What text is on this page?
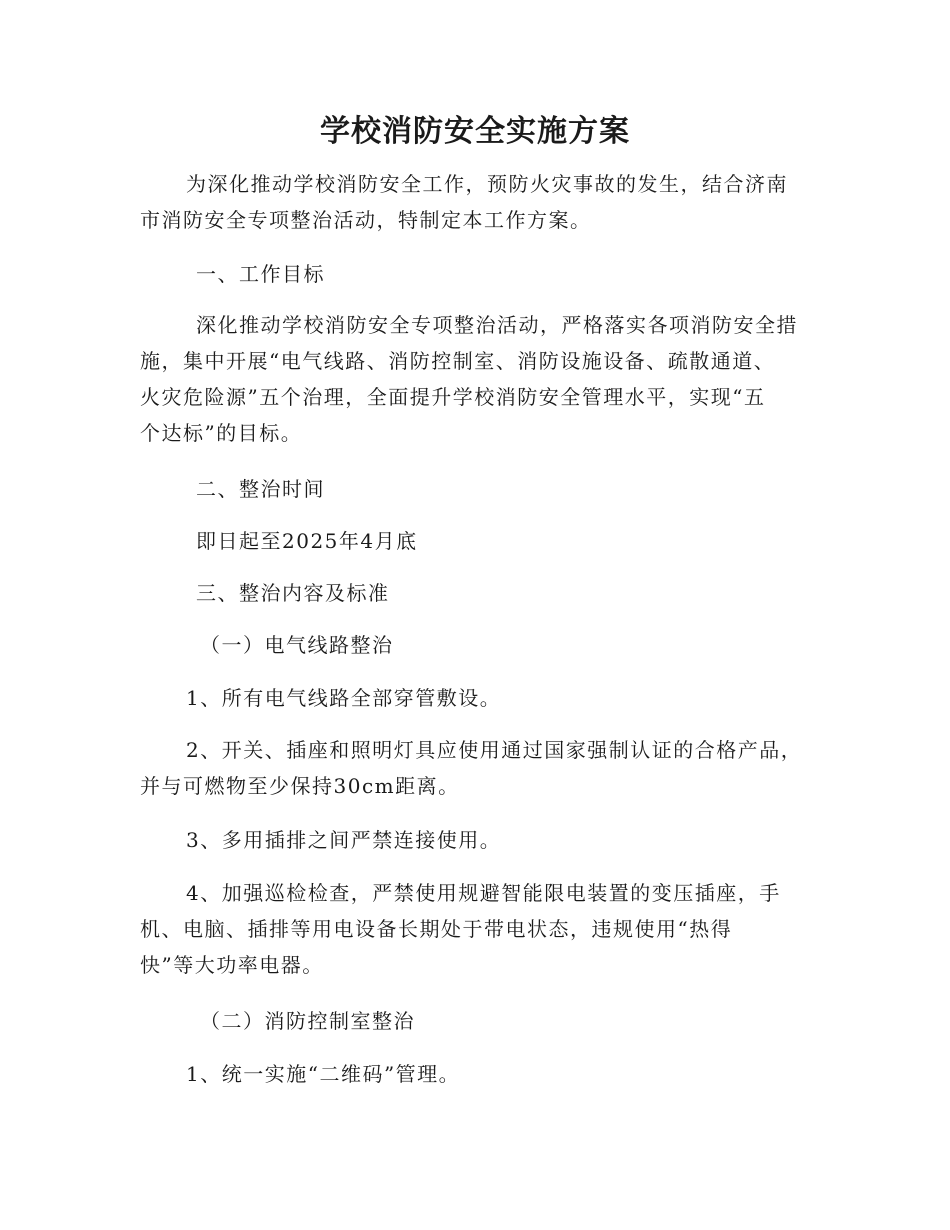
学校消防安全实施方案
为深化推动学校消防安全工作，预防火灾事故的发生，结合济南
市消防安全专项整治活动，特制定本工作方案。
一、工作目标
深化推动学校消防安全专项整治活动，严格落实各项消防安全措
施，集中开展“电气线路、消防控制室、消防设施设备、疏散通道、
火灾危险源”五个治理，全面提升学校消防安全管理水平，实现“五
个达标”的目标。
二、整治时间
即日起至2025年4月底
三、整治内容及标准
（一）电气线路整治
1、所有电气线路全部穿管敷设。
2、开关、插座和照明灯具应使用通过国家强制认证的合格产品，
并与可燃物至少保持30cm距离。
3、多用插排之间严禁连接使用。
4、加强巡检检查，严禁使用规避智能限电装置的变压插座，手
机、电脑、插排等用电设备长期处于带电状态，违规使用“热得
快”等大功率电器。
（二）消防控制室整治
1、统一实施“二维码”管理。
